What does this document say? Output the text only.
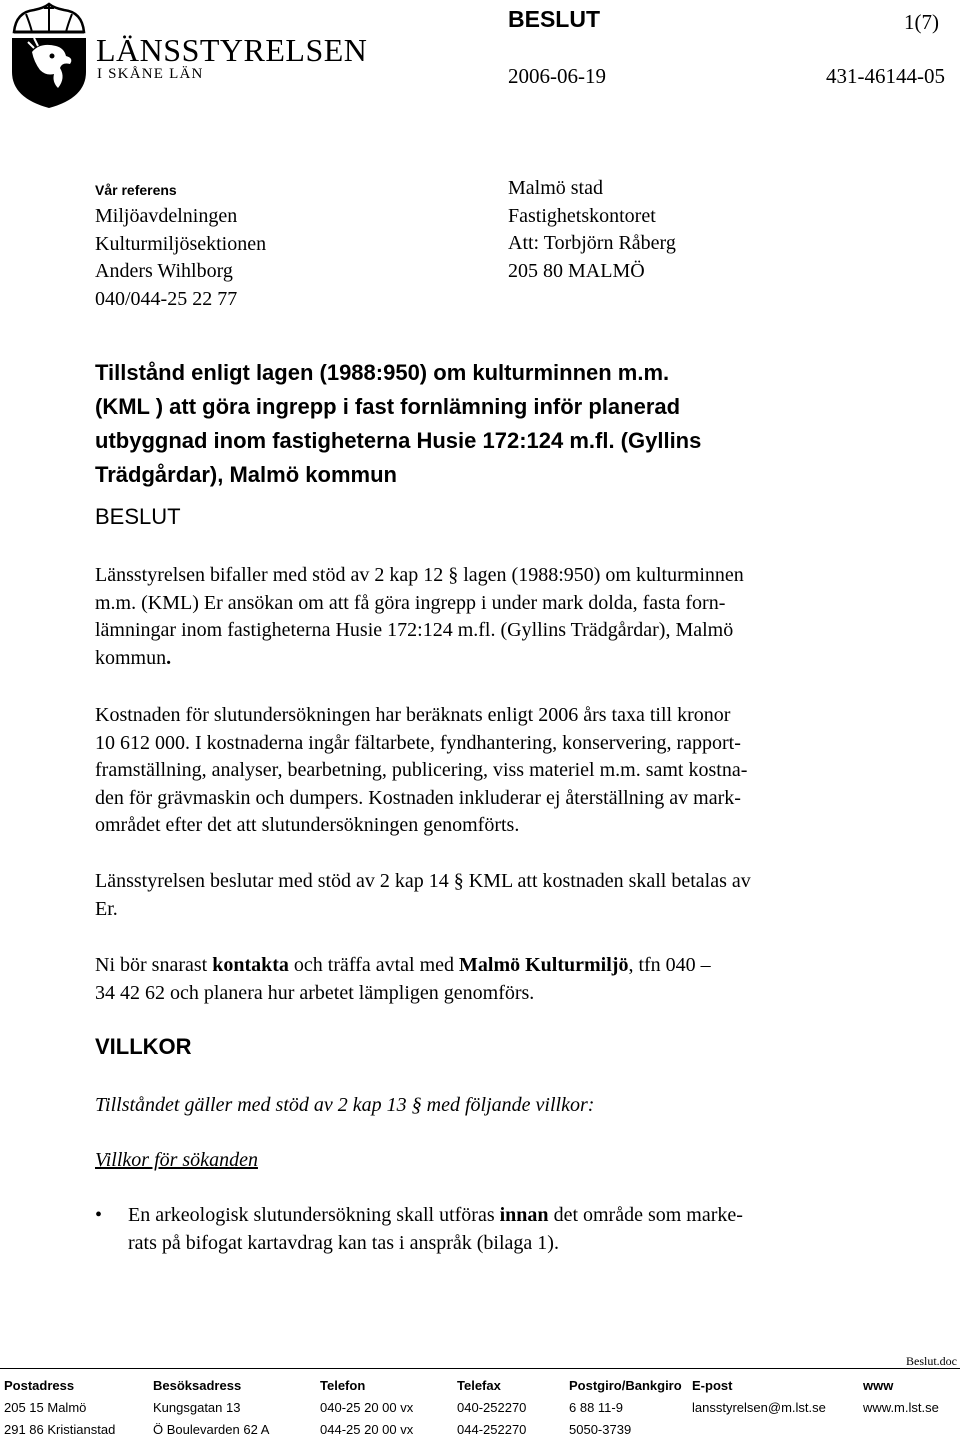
LÄNSSTYRELSEN
I SKÅNE LÄN
BESLUT	1(7)
2006-06-19	431-46144-05
Vår referens
Miljöavdelningen
Kulturmiljösektionen
Anders Wihlborg
040/044-25 22 77
Malmö stad
Fastighetskontoret
Att: Torbjörn Råberg
205 80 MALMÖ
Tillstånd enligt lagen (1988:950) om kulturminnen m.m.
(KML ) att göra ingrepp i fast fornlämning inför planerad
utbyggnad inom fastigheterna Husie 172:124 m.fl. (Gyllins
Trädgårdar), Malmö kommun
BESLUT
Länsstyrelsen bifaller med stöd av 2 kap 12 § lagen (1988:950) om kulturminnen
m.m. (KML) Er ansökan om att få göra ingrepp i under mark dolda, fasta forn-
lämningar inom fastigheterna Husie 172:124 m.fl. (Gyllins Trädgårdar), Malmö
kommun.
Kostnaden för slutundersökningen har beräknats enligt 2006 års taxa till kronor
10 612 000. I kostnaderna ingår fältarbete, fyndhantering, konservering, rapport-
framställning, analyser, bearbetning, publicering, viss materiel m.m. samt kostna-
den för grävmaskin och dumpers. Kostnaden inkluderar ej återställning av mark-
området efter det att slutundersökningen genomförts.
Länsstyrelsen beslutar med stöd av 2 kap 14 § KML att kostnaden skall betalas av
Er.
Ni bör snarast kontakta och träffa avtal med Malmö Kulturmiljö, tfn 040 –
34 42 62 och planera hur arbetet lämpligen genomförs.
VILLKOR
Tillståndet gäller med stöd av 2 kap 13 § med följande villkor:
Villkor för sökanden
•	En arkeologisk slutundersökning skall utföras innan det område som marke-
rats på bifogat kartavdrag kan tas i anspråk (bilaga 1).
Beslut.doc
Postadress	Besöksadress	Telefon	Telefax	Postgiro/Bankgiro E-post	www
205 15 Malmö	Kungsgatan 13	040-25 20 00 vx	040-252270	6 88 11-9	lansstyrelsen@m.lst.se	www.m.lst.se
291 86 Kristianstad	Ö Boulevarden 62 A	044-25 20 00 vx	044-252270	5050-3739
